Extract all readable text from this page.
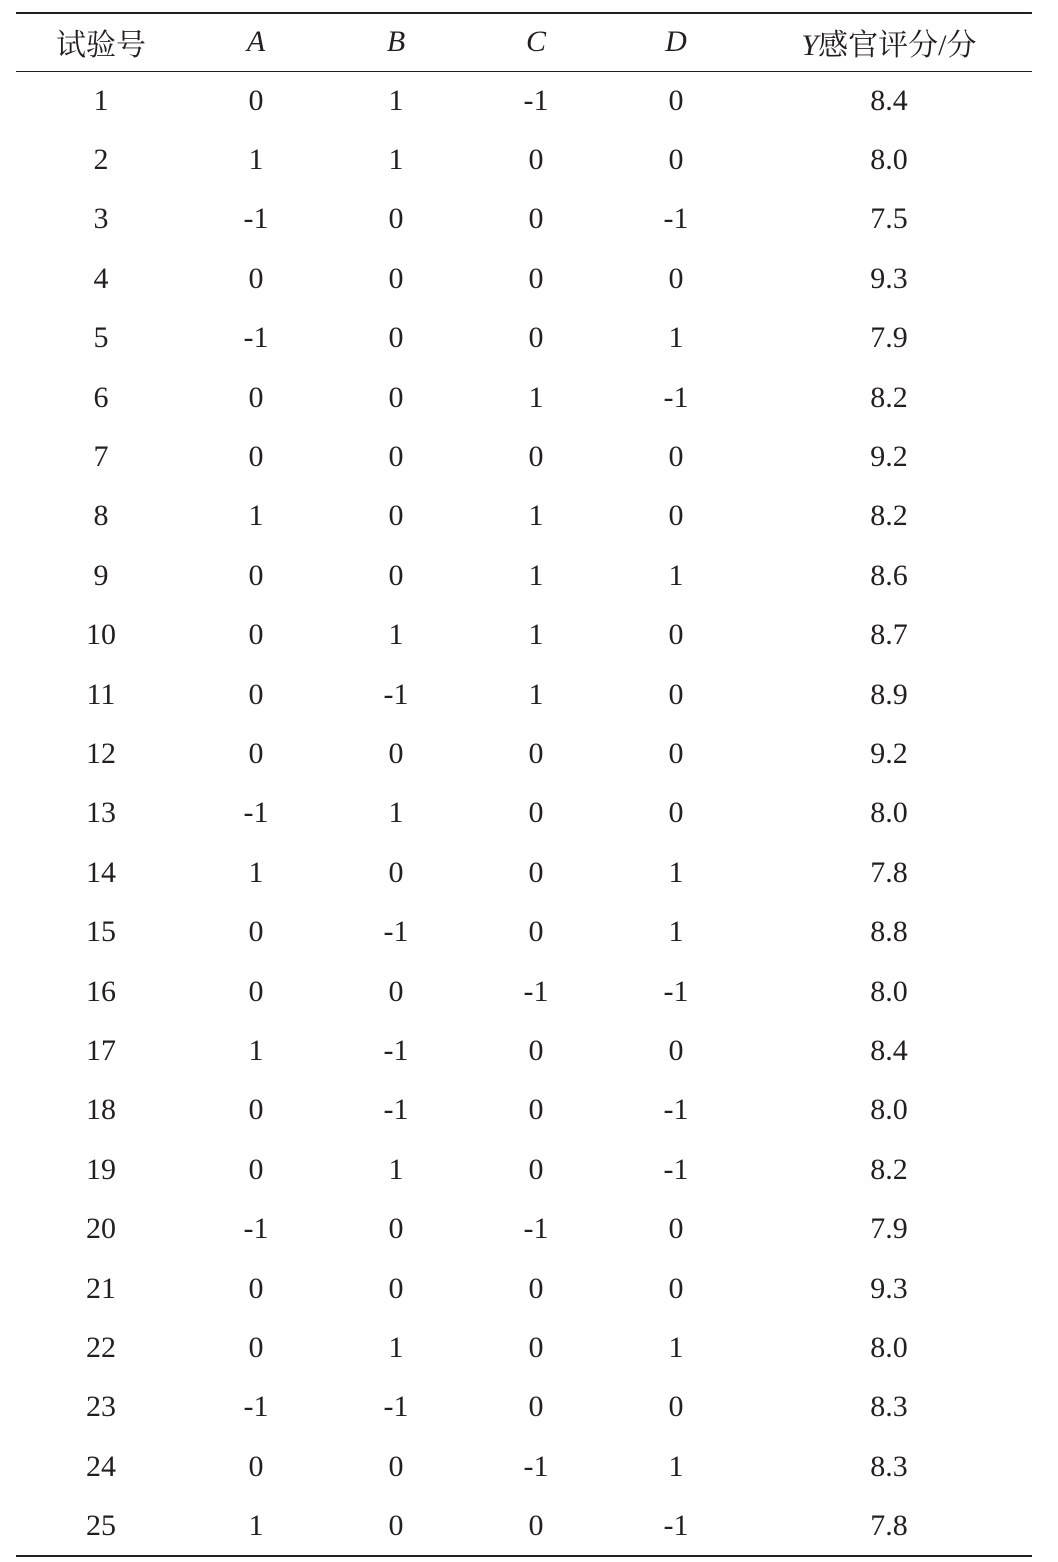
试验号	A	B	C	D	Y感官评分/分
1	0	1	-1	0	8.4
2	1	1	0	0	8.0
3	-1	0	0	-1	7.5
4	0	0	0	0	9.3
5	-1	0	0	1	7.9
6	0	0	1	-1	8.2
7	0	0	0	0	9.2
8	1	0	1	0	8.2
9	0	0	1	1	8.6
10	0	1	1	0	8.7
11	0	-1	1	0	8.9
12	0	0	0	0	9.2
13	-1	1	0	0	8.0
14	1	0	0	1	7.8
15	0	-1	0	1	8.8
16	0	0	-1	-1	8.0
17	1	-1	0	0	8.4
18	0	-1	0	-1	8.0
19	0	1	0	-1	8.2
20	-1	0	-1	0	7.9
21	0	0	0	0	9.3
22	0	1	0	1	8.0
23	-1	-1	0	0	8.3
24	0	0	-1	1	8.3
25	1	0	0	-1	7.8
